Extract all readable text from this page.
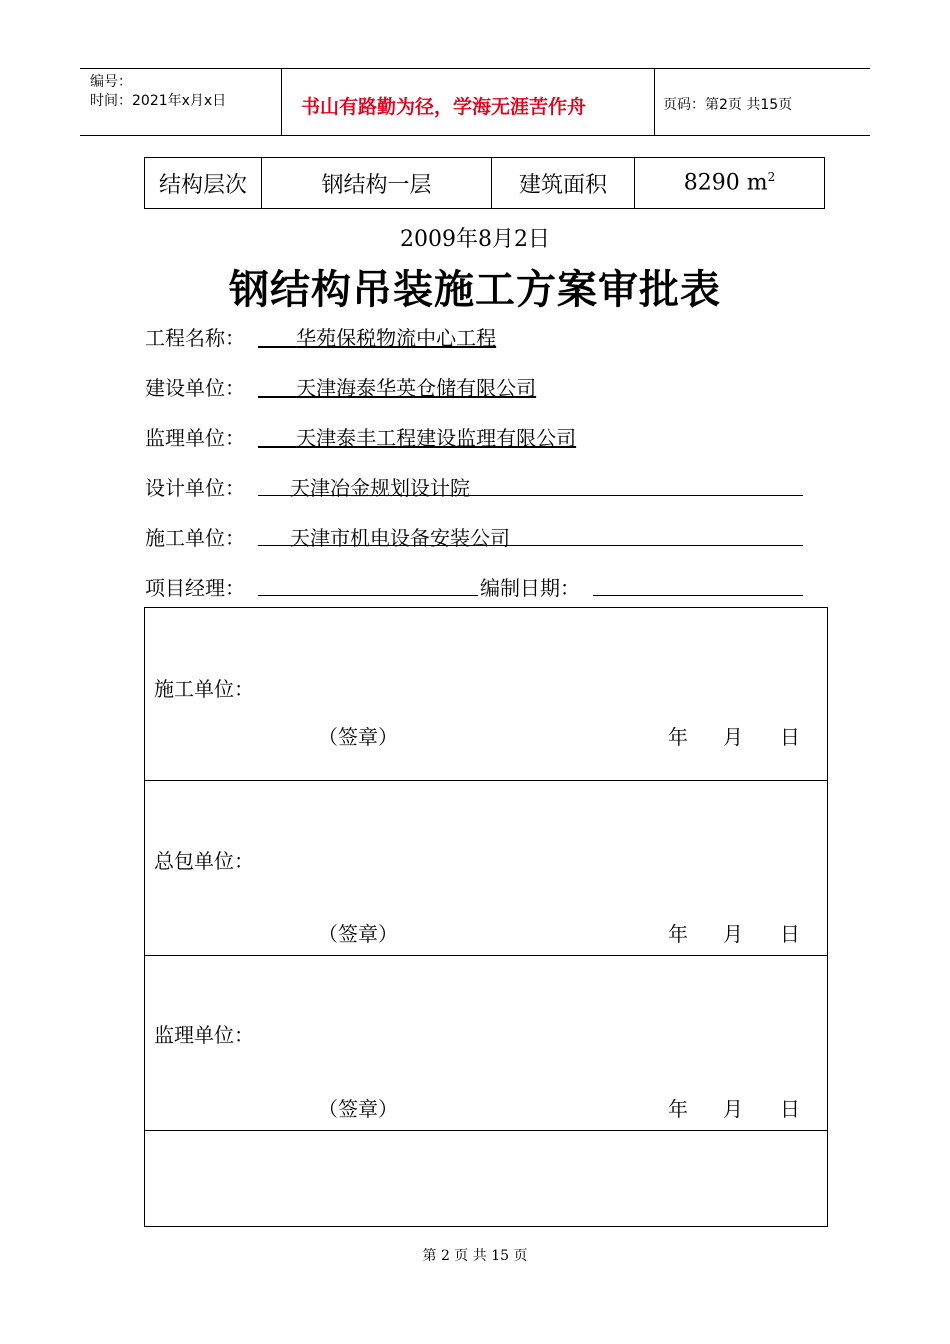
编号：
时间：2021年x月x日	书山有路勤为径，学海无涯苦作舟	页码：第2页 共15页
结构层次	钢结构一层	建筑面积	8290 $m^2$
2009年8月2日
钢结构吊装施工方案审批表
工程名称：	华苑保税物流中心工程
建设单位：	天津海泰华英仓储有限公司
监理单位：	天津泰丰工程建设监理有限公司
设计单位： 天津冶金规划设计院
施工单位： 天津市机电设备安装公司
项目经理：	编制日期：
施工单位：
（签章）	年 月 日
总包单位：
（签章）	年 月 日
监理单位：
（签章）	年 月 日
第 2 页 共 15 页
